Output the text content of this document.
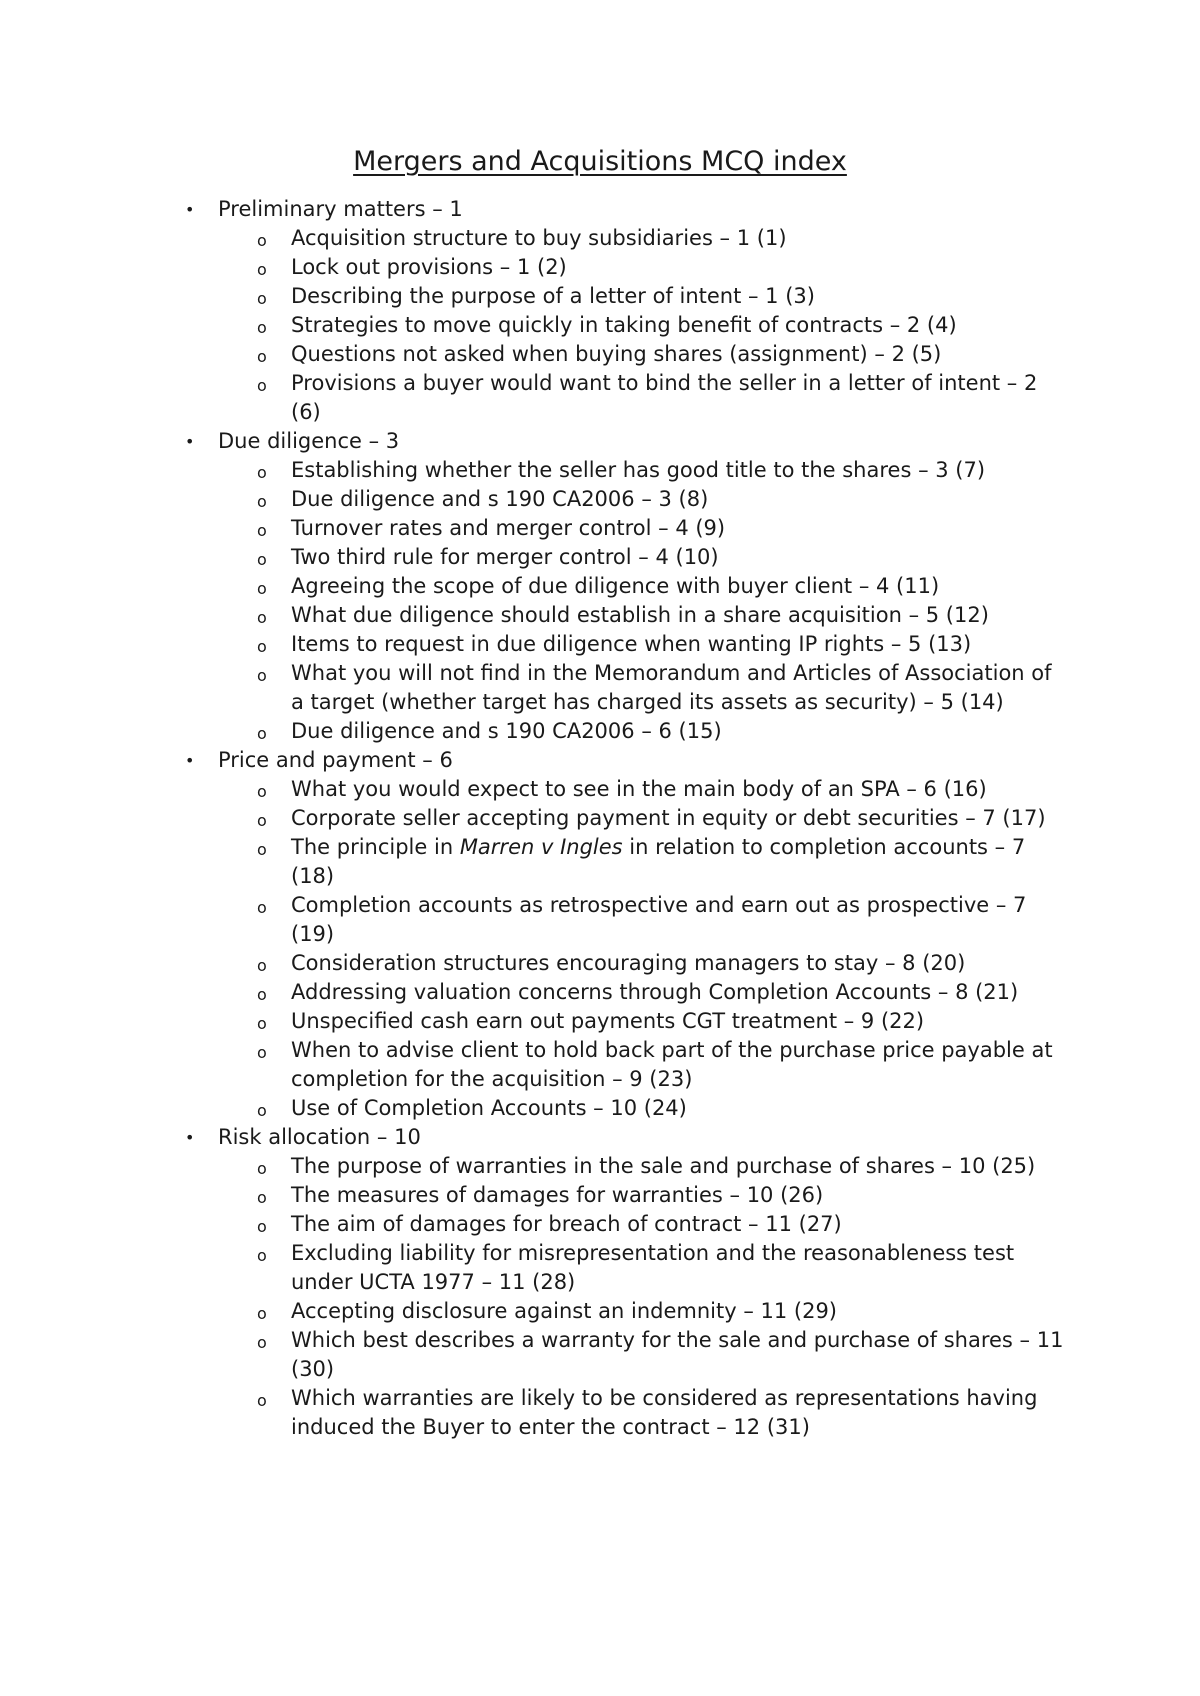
Mergers and Acquisitions MCQ index
• Preliminary matters – 1
o Acquisition structure to buy subsidiaries – 1 (1)
o Lock out provisions – 1 (2)
o Describing the purpose of a letter of intent – 1 (3)
o Strategies to move quickly in taking benefit of contracts – 2 (4)
o Questions not asked when buying shares (assignment) – 2 (5)
o Provisions a buyer would want to bind the seller in a letter of intent – 2 (6)
• Due diligence – 3
o Establishing whether the seller has good title to the shares – 3 (7)
o Due diligence and s 190 CA2006 – 3 (8)
o Turnover rates and merger control – 4 (9)
o Two third rule for merger control – 4 (10)
o Agreeing the scope of due diligence with buyer client – 4 (11)
o What due diligence should establish in a share acquisition – 5 (12)
o Items to request in due diligence when wanting IP rights – 5 (13)
o What you will not find in the Memorandum and Articles of Association of a target (whether target has charged its assets as security) – 5 (14)
o Due diligence and s 190 CA2006 – 6 (15)
• Price and payment – 6
o What you would expect to see in the main body of an SPA – 6 (16)
o Corporate seller accepting payment in equity or debt securities – 7 (17)
o The principle in Marren v Ingles in relation to completion accounts – 7 (18)
o Completion accounts as retrospective and earn out as prospective – 7 (19)
o Consideration structures encouraging managers to stay – 8 (20)
o Addressing valuation concerns through Completion Accounts – 8 (21)
o Unspecified cash earn out payments CGT treatment – 9 (22)
o When to advise client to hold back part of the purchase price payable at completion for the acquisition – 9 (23)
o Use of Completion Accounts – 10 (24)
• Risk allocation – 10
o The purpose of warranties in the sale and purchase of shares – 10 (25)
o The measures of damages for warranties – 10 (26)
o The aim of damages for breach of contract – 11 (27)
o Excluding liability for misrepresentation and the reasonableness test under UCTA 1977 – 11 (28)
o Accepting disclosure against an indemnity – 11 (29)
o Which best describes a warranty for the sale and purchase of shares – 11 (30)
o Which warranties are likely to be considered as representations having induced the Buyer to enter the contract – 12 (31)
